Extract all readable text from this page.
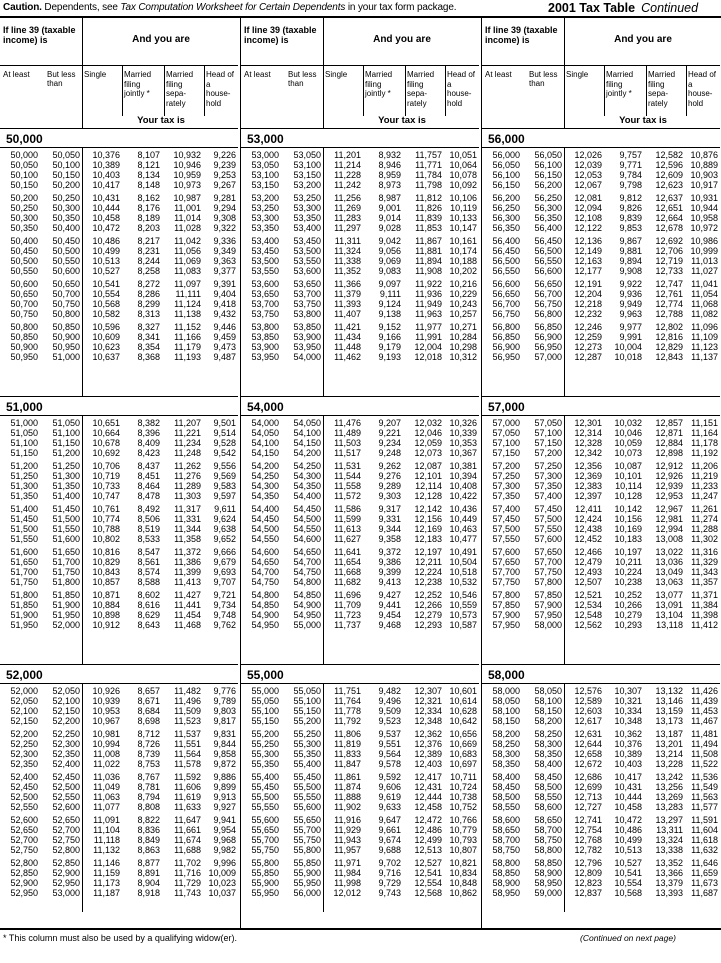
Caution. Dependents, see Tax Computation Worksheet for Certain Dependents in your tax form package.	2001 Tax Table Continued
If line 39 (taxable income) is	And you are
At least	But less than
Single	Married filing jointly *
Married filing sepa-rately
Head of a house-hold
Your tax is
50,000
50,000	50,050	10,376	8,107	10,932	9,226
50,050	50,100	10,389	8,121	10,946	9,239
50,100	50,150	10,403	8,134	10,959	9,253
50,150	50,200	10,417	8,148	10,973	9,267
50,200	50,250	10,431	8,162	10,987	9,281
50,250	50,300	10,444	8,176	11,001	9,294
50,300	50,350	10,458	8,189	11,014	9,308
50,350	50,400	10,472	8,203	11,028	9,322
50,400	50,450	10,486	8,217	11,042	9,336
50,450	50,500	10,499	8,231	11,056	9,349
50,500	50,550	10,513	8,244	11,069	9,363
50,550	50,600	10,527	8,258	11,083	9,377
50,600	50,650	10,541	8,272	11,097	9,391
50,650	50,700	10,554	8,286	11,111	9,404
50,700	50,750	10,568	8,299	11,124	9,418
50,750	50,800	10,582	8,313	11,138	9,432
50,800	50,850	10,596	8,327	11,152	9,446
50,850	50,900	10,609	8,341	11,166	9,459
50,900	50,950	10,623	8,354	11,179	9,473
50,950	51,000	10,637	8,368	11,193	9,487
51,000
51,000	51,050	10,651	8,382	11,207	9,501
51,050	51,100	10,664	8,396	11,221	9,514
51,100	51,150	10,678	8,409	11,234	9,528
51,150	51,200	10,692	8,423	11,248	9,542
51,200	51,250	10,706	8,437	11,262	9,556
51,250	51,300	10,719	8,451	11,276	9,569
51,300	51,350	10,733	8,464	11,289	9,583
51,350	51,400	10,747	8,478	11,303	9,597
51,400	51,450	10,761	8,492	11,317	9,611
51,450	51,500	10,774	8,506	11,331	9,624
51,500	51,550	10,788	8,519	11,344	9,638
51,550	51,600	10,802	8,533	11,358	9,652
51,600	51,650	10,816	8,547	11,372	9,666
51,650	51,700	10,829	8,561	11,386	9,679
51,700	51,750	10,843	8,574	11,399	9,693
51,750	51,800	10,857	8,588	11,413	9,707
51,800	51,850	10,871	8,602	11,427	9,721
51,850	51,900	10,884	8,616	11,441	9,734
51,900	51,950	10,898	8,629	11,454	9,748
51,950	52,000	10,912	8,643	11,468	9,762
52,000
52,000	52,050	10,926	8,657	11,482	9,776
52,050	52,100	10,939	8,671	11,496	9,789
52,100	52,150	10,953	8,684	11,509	9,803
52,150	52,200	10,967	8,698	11,523	9,817
52,200	52,250	10,981	8,712	11,537	9,831
52,250	52,300	10,994	8,726	11,551	9,844
52,300	52,350	11,008	8,739	11,564	9,858
52,350	52,400	11,022	8,753	11,578	9,872
52,400	52,450	11,036	8,767	11,592	9,886
52,450	52,500	11,049	8,781	11,606	9,899
52,500	52,550	11,063	8,794	11,619	9,913
52,550	52,600	11,077	8,808	11,633	9,927
52,600	52,650	11,091	8,822	11,647	9,941
52,650	52,700	11,104	8,836	11,661	9,954
52,700	52,750	11,118	8,849	11,674	9,968
52,750	52,800	11,132	8,863	11,688	9,982
52,800	52,850	11,146	8,877	11,702	9,996
52,850	52,900	11,159	8,891	11,716 10,009
52,900	52,950	11,173	8,904	11,729 10,023
52,950	53,000	11,187	8,918	11,743 10,037
If line 39 (taxable income) is	And you are
At least	But less than
Single	Married filing jointly *
Married filing sepa-rately
Head of a house-hold
Your tax is
53,000
53,000	53,050	11,201	8,932	11,757 10,051
53,050	53,100	11,214	8,946	11,771 10,064
53,100	53,150	11,228	8,959	11,784 10,078
53,150	53,200	11,242	8,973	11,798 10,092
53,200	53,250	11,256	8,987	11,812 10,106
53,250	53,300	11,269	9,001	11,826 10,119
53,300	53,350	11,283	9,014	11,839 10,133
53,350	53,400	11,297	9,028	11,853 10,147
53,400	53,450	11,311	9,042	11,867 10,161
53,450	53,500	11,324	9,056	11,881 10,174
53,500	53,550	11,338	9,069	11,894 10,188
53,550	53,600	11,352	9,083	11,908 10,202
53,600	53,650	11,366	9,097	11,922 10,216
53,650	53,700	11,379	9,111	11,936 10,229
53,700	53,750	11,393	9,124	11,949 10,243
53,750	53,800	11,407	9,138	11,963 10,257
53,800	53,850	11,421	9,152	11,977 10,271
53,850	53,900	11,434	9,166	11,991 10,284
53,900	53,950	11,448	9,179	12,004 10,298
53,950	54,000	11,462	9,193	12,018 10,312
54,000
54,000	54,050	11,476	9,207	12,032 10,326
54,050	54,100	11,489	9,221	12,046 10,339
54,100	54,150	11,503	9,234	12,059 10,353
54,150	54,200	11,517	9,248	12,073 10,367
54,200	54,250	11,531	9,262	12,087 10,381
54,250	54,300	11,544	9,276	12,101 10,394
54,300	54,350	11,558	9,289	12,114 10,408
54,350	54,400	11,572	9,303	12,128 10,422
54,400	54,450	11,586	9,317	12,142 10,436
54,450	54,500	11,599	9,331	12,156 10,449
54,500	54,550	11,613	9,344	12,169 10,463
54,550	54,600	11,627	9,358	12,183 10,477
54,600	54,650	11,641	9,372	12,197 10,491
54,650	54,700	11,654	9,386	12,211 10,504
54,700	54,750	11,668	9,399	12,224 10,518
54,750	54,800	11,682	9,413	12,238 10,532
54,800	54,850	11,696	9,427	12,252 10,546
54,850	54,900	11,709	9,441	12,266 10,559
54,900	54,950	11,723	9,454	12,279 10,573
54,950	55,000	11,737	9,468	12,293 10,587
55,000
55,000	55,050	11,751	9,482	12,307 10,601
55,050	55,100	11,764	9,496	12,321 10,614
55,100	55,150	11,778	9,509	12,334 10,628
55,150	55,200	11,792	9,523	12,348 10,642
55,200	55,250	11,806	9,537	12,362 10,656
55,250	55,300	11,819	9,551	12,376 10,669
55,300	55,350	11,833	9,564	12,389 10,683
55,350	55,400	11,847	9,578	12,403 10,697
55,400	55,450	11,861	9,592	12,417 10,711
55,450	55,500	11,874	9,606	12,431 10,724
55,500	55,550	11,888	9,619	12,444 10,738
55,550	55,600	11,902	9,633	12,458 10,752
55,600	55,650	11,916	9,647	12,472 10,766
55,650	55,700	11,929	9,661	12,486 10,779
55,700	55,750	11,943	9,674	12,499 10,793
55,750	55,800	11,957	9,688	12,513 10,807
55,800	55,850	11,971	9,702	12,527 10,821
55,850	55,900	11,984	9,716	12,541 10,834
55,900	55,950	11,998	9,729	12,554 10,848
55,950	56,000	12,012	9,743	12,568 10,862
If line 39 (taxable income) is	And you are
At least	But less than
Single	Married filing jointly *
Married filing sepa-rately
Head of a house-hold
Your tax is
56,000
56,000	56,050	12,026	9,757	12,582 10,876
56,050	56,100	12,039	9,771	12,596 10,889
56,100	56,150	12,053	9,784	12,609 10,903
56,150	56,200	12,067	9,798	12,623 10,917
56,200	56,250	12,081	9,812	12,637 10,931
56,250	56,300	12,094	9,826	12,651 10,944
56,300	56,350	12,108	9,839	12,664 10,958
56,350	56,400	12,122	9,853	12,678 10,972
56,400	56,450	12,136	9,867	12,692 10,986
56,450	56,500	12,149	9,881	12,706 10,999
56,500	56,550	12,163	9,894	12,719 11,013
56,550	56,600	12,177	9,908	12,733 11,027
56,600	56,650	12,191	9,922	12,747 11,041
56,650	56,700	12,204	9,936	12,761 11,054
56,700	56,750	12,218	9,949	12,774 11,068
56,750	56,800	12,232	9,963	12,788 11,082
56,800	56,850	12,246	9,977	12,802 11,096
56,850	56,900	12,259	9,991	12,816 11,109
56,900	56,950	12,273	10,004	12,829 11,123
56,950	57,000	12,287	10,018	12,843 11,137
57,000
57,000	57,050	12,301	10,032	12,857 11,151
57,050	57,100	12,314	10,046	12,871 11,164
57,100	57,150	12,328	10,059	12,884 11,178
57,150	57,200	12,342	10,073	12,898 11,192
57,200	57,250	12,356	10,087	12,912 11,206
57,250	57,300	12,369	10,101	12,926 11,219
57,300	57,350	12,383	10,114	12,939 11,233
57,350	57,400	12,397	10,128	12,953 11,247
57,400	57,450	12,411	10,142	12,967 11,261
57,450	57,500	12,424	10,156	12,981 11,274
57,500	57,550	12,438	10,169	12,994 11,288
57,550	57,600	12,452	10,183	13,008 11,302
57,600	57,650	12,466	10,197	13,022 11,316
57,650	57,700	12,479	10,211	13,036 11,329
57,700	57,750	12,493	10,224	13,049 11,343
57,750	57,800	12,507	10,238	13,063 11,357
57,800	57,850	12,521	10,252	13,077 11,371
57,850	57,900	12,534	10,266	13,091 11,384
57,900	57,950	12,548	10,279	13,104 11,398
57,950	58,000	12,562	10,293	13,118 11,412
58,000
58,000	58,050	12,576	10,307	13,132 11,426
58,050	58,100	12,589	10,321	13,146 11,439
58,100	58,150	12,603	10,334	13,159 11,453
58,150	58,200	12,617	10,348	13,173 11,467
58,200	58,250	12,631	10,362	13,187 11,481
58,250	58,300	12,644	10,376	13,201 11,494
58,300	58,350	12,658	10,389	13,214 11,508
58,350	58,400	12,672	10,403	13,228 11,522
58,400	58,450	12,686	10,417	13,242 11,536
58,450	58,500	12,699	10,431	13,256 11,549
58,500	58,550	12,713	10,444	13,269 11,563
58,550	58,600	12,727	10,458	13,283 11,577
58,600	58,650	12,741	10,472	13,297 11,591
58,650	58,700	12,754	10,486	13,311 11,604
58,700	58,750	12,768	10,499	13,324 11,618
58,750	58,800	12,782	10,513	13,338 11,632
58,800	58,850	12,796	10,527	13,352 11,646
58,850	58,900	12,809	10,541	13,366 11,659
58,900	58,950	12,823	10,554	13,379 11,673
58,950	59,000	12,837	10,568	13,393 11,687
* This column must also be used by a qualifying widow(er).	(Continued on next page)
